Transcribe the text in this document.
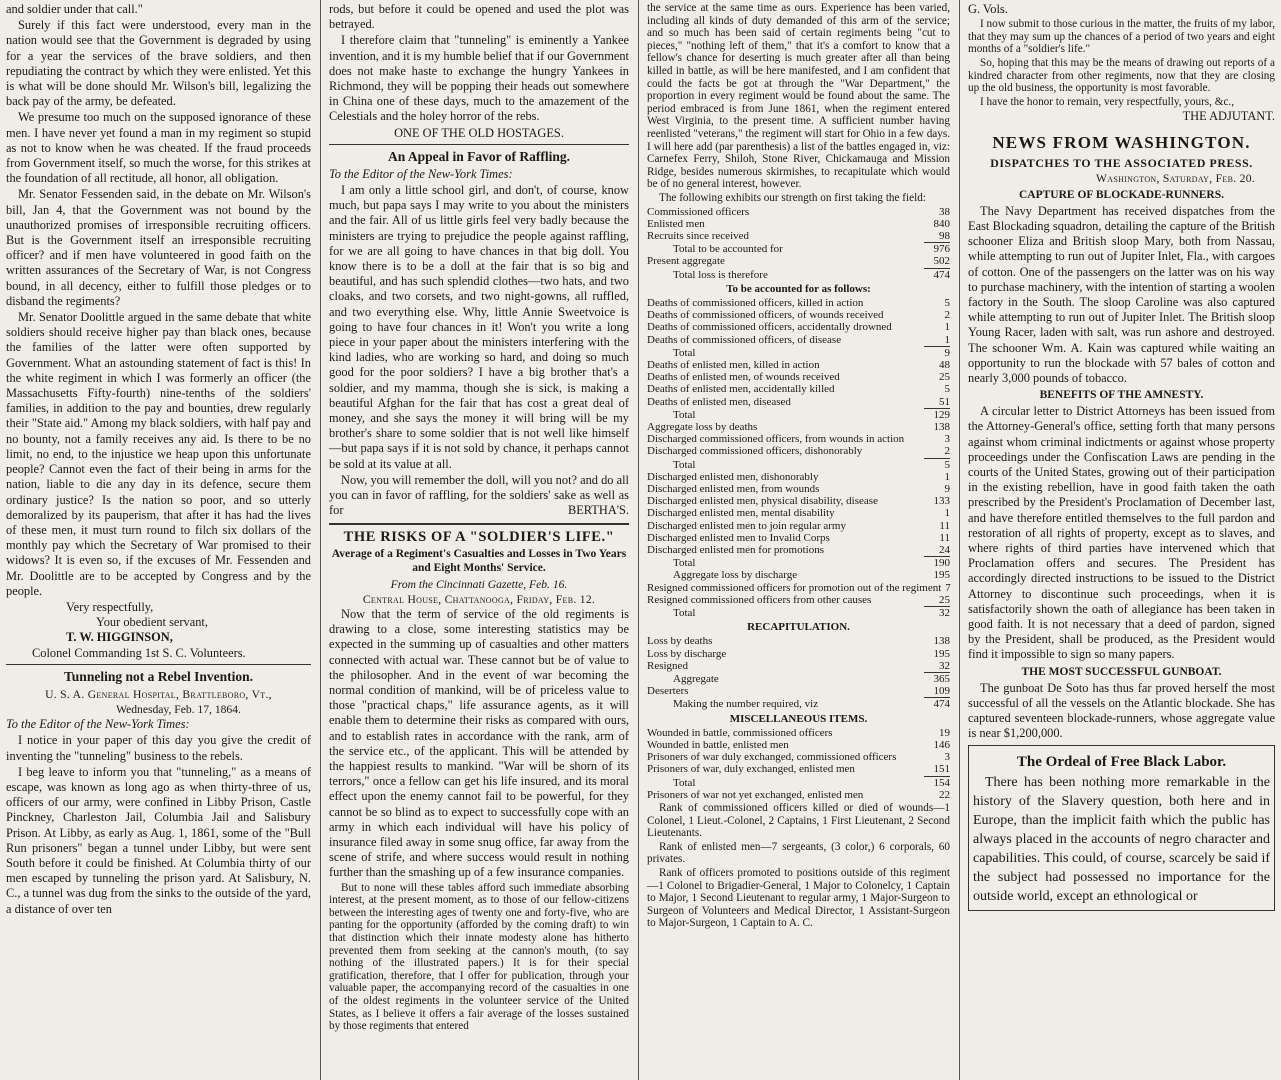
and soldier under that call."

Surely if this fact were understood, every man in the nation would see that the Government is degraded by using for a year the services of the brave soldiers, and then repudiating the contract by which they were enlisted. Yet this is what will be done should Mr. Wilson's bill, legalizing the back pay of the army, be defeated.

We presume too much on the supposed ignorance of these men. I have never yet found a man in my regiment so stupid as not to know when he was cheated. If the fraud proceeds from Government itself, so much the worse, for this strikes at the foundation of all rectitude, all honor, all obligation.

Mr. Senator Fessenden said, in the debate on Mr. Wilson's bill, Jan 4, that the Government was not bound by the unauthorized promises of irresponsible recruiting officers. But is the Government itself an irresponsible recruiting officer? and if men have volunteered in good faith on the written assurances of the Secretary of War, is not Congress bound, in all decency, either to fulfill those pledges or to disband the regiments?

Mr. Senator Doolittle argued in the same debate that white soldiers should receive higher pay than black ones, because the families of the latter were often supported by Government. What an astounding statement of fact is this! In the white regiment in which I was formerly an officer (the Massachusetts Fifty-fourth) nine-tenths of the soldiers' families, in addition to the pay and bounties, drew regularly their "State aid." Among my black soldiers, with half pay and no bounty, not a family receives any aid. Is there to be no limit, no end, to the injustice we heap upon this unfortunate people? Cannot even the fact of their being in arms for the nation, liable to die any day in its defence, secure them ordinary justice? Is the nation so poor, and so utterly demoralized by its pauperism, that after it has had the lives of these men, it must turn round to filch six dollars of the monthly pay which the Secretary of War promised to their widows? It is even so, if the excuses of Mr. Fessenden and Mr. Doolittle are to be accepted by Congress and by the people.

Very respectfully,

Your obedient servant,

T. W. HIGGINSON,

Colonel Commanding 1st S. C. Volunteers.

Tunneling not a Rebel Invention.

U. S. A. General Hospital, Brattleboro, Vt.,

Wednesday, Feb. 17, 1864.

To the Editor of the New-York Times:

I notice in your paper of this day you give the credit of inventing the "tunneling" business to the rebels.

I beg leave to inform you that "tunneling," as a means of escape, was known as long ago as when thirty-three of us, officers of our army, were confined in Libby Prison, Castle Pinckney, Charleston Jail, Columbia Jail and Salisbury Prison. At Libby, as early as Aug. 1, 1861, some of the "Bull Run prisoners" began a tunnel under Libby, but were sent South before it could be finished. At Columbia thirty of our men escaped by tunneling the prison yard. At Salisbury, N. C., a tunnel was dug from the sinks to the outside of the yard, a distance of over ten

rods, but before it could be opened and used the plot was betrayed.

I therefore claim that "tunneling" is eminently a Yankee invention, and it is my humble belief that if our Government does not make haste to exchange the hungry Yankees in Richmond, they will be popping their heads out somewhere in China one of these days, much to the amazement of the Celestials and the holey horror of the rebs.

ONE OF THE OLD HOSTAGES.

An Appeal in Favor of Raffling.

To the Editor of the New-York Times:

I am only a little school girl, and don't, of course, know much, but papa says I may write to you about the ministers and the fair. All of us little girls feel very badly because the ministers are trying to prejudice the people against raffling, for we are all going to have chances in that big doll. You know there is to be a doll at the fair that is so big and beautiful, and has such splendid clothes—two hats, and two cloaks, and two corsets, and two night-gowns, all ruffled, and two everything else. Why, little Annie Sweetvoice is going to have four chances in it! Won't you write a long piece in your paper about the ministers interfering with the kind ladies, who are working so hard, and doing so much good for the poor soldiers? I have a big brother that's a soldier, and my mamma, though she is sick, is making a beautiful Afghan for the fair that has cost a great deal of money, and she says the money it will bring will be my brother's share to some soldier that is not well like himself—but papa says if it is not sold by chance, it perhaps cannot be sold at its value at all.

Now, you will remember the doll, will you not? and do all you can in favor of raffling, for the soldiers' sake as well as for	BERTHA'S.

THE RISKS OF A "SOLDIER'S LIFE."
Average of a Regiment's Casualties and Losses in Two Years and Eight Months' Service.

From the Cincinnati Gazette, Feb. 16.

Central House, Chattanooga, Friday, Feb. 12.

Now that the term of service of the old regiments is drawing to a close, some interesting statistics may be expected in the summing up of casualties and other matters connected with actual war. These cannot but be of value to the philosopher. And in the event of war becoming the normal condition of mankind, will be of priceless value to those "practical chaps," life assurance agents, as it will enable them to determine their risks as compared with ours, and to establish rates in accordance with the rank, arm of the service etc., of the applicant. This will be attended by the happiest results to mankind. "War will be shorn of its terrors," once a fellow can get his life insured, and its moral effect upon the enemy cannot fail to be powerful, for they cannot be so blind as to expect to successfully cope with an army in which each individual will have his policy of insurance filed away in some snug office, far away from the scene of strife, and where success would result in nothing further than the smashing up of a few insurance companies.

But to none will these tables afford such immediate absorbing interest, at the present moment, as to those of our fellow-citizens between the interesting ages of twenty one and forty-five, who are panting for the opportunity (afforded by the coming draft) to win that distinction which their innate modesty alone has hitherto prevented them from seeking at the cannon's mouth, (to say nothing of the illustrated papers.) It is for their special gratification, therefore, that I offer for publication, through your valuable paper, the accompanying record of the casualties in one of the oldest regiments in the volunteer service of the United States, as I believe it offers a fair average of the losses sustained by those regiments that entered

the service at the same time as ours. Experience has been varied, including all kinds of duty demanded of this arm of the service; and so much has been said of certain regiments being "cut to pieces," "nothing left of them," that it's a comfort to know that a fellow's chance for deserting is much greater after all than being killed in battle, as will be here manifested, and I am confident that could the facts be got at through the "War Department," the proportion in every regiment would be found about the same. The period embraced is from June 1861, when the regiment entered West Virginia, to the present time. A sufficient number having reenlisted "veterans," the regiment will start for Ohio in a few days. I will here add (par parenthesis) a list of the battles engaged in, viz: Carnefex Ferry, Shiloh, Stone River, Chickamauga and Mission Ridge, besides numerous skirmishes, to recapitulate which would be of no general interest, however.

The following exhibits our strength on first taking the field:

Commissioned officers	38
Enlisted men	840
Recruits since received	98
Total to be accounted for	976
Present aggregate	502
Total loss is therefore	474
To be accounted for as follows:
Deaths of commissioned officers, killed in action	5
Deaths of commissioned officers, of wounds received	2
Deaths of commissioned officers, accidentally drowned	1
Deaths of commissioned officers, of disease	1
Total	9
Deaths of enlisted men, killed in action	48
Deaths of enlisted men, of wounds received	25
Deaths of enlisted men, accidentally killed	5
Deaths of enlisted men, diseased	51
Total	129
Aggregate loss by deaths	138
Discharged commissioned officers, from wounds in action	3
Discharged commissioned officers, dishonorably	2
Total	5
Discharged enlisted men, dishonorably	1
Discharged enlisted men, from wounds	9
Discharged enlisted men, physical disability, disease	133
Discharged enlisted men, mental disability	1
Discharged enlisted men to join regular army	11
Discharged enlisted men to Invalid Corps	11
Discharged enlisted men for promotions	24
Total	190
Aggregate loss by discharge	195
Resigned commissioned officers for promotion out of the regiment 7
Resigned commissioned officers from other causes	25
Total	32
RECAPITULATION.
Loss by deaths	138
Loss by discharge	195
Resigned	32
Aggregate	365
Deserters	109
Making the number required, viz	474
MISCELLANEOUS ITEMS.
Wounded in battle, commissioned officers	19
Wounded in battle, enlisted men	146
Prisoners of war duly exchanged, commissioned officers	3
Prisoners of war, duly exchanged, enlisted men	151
Total	154
Prisoners of war not yet exchanged, enlisted men	22

Rank of commissioned officers killed or died of wounds—1 Colonel, 1 Lieut.-Colonel, 2 Captains, 1 First Lieutenant, 2 Second Lieutenants.

Rank of enlisted men—7 sergeants, (3 color,) 6 corporals, 60 privates.

Rank of officers promoted to positions outside of this regiment—1 Colonel to Brigadier-General, 1 Major to Colonelcy, 1 Captain to Major, 1 Second Lieutenant to regular army, 1 Major-Surgeon to Surgeon of Volunteers and Medical Director, 1 Assistant-Surgeon to Major-Surgeon, 1 Captain to A. C.

G. Vols.

I now submit to those curious in the matter, the fruits of my labor, that they may sum up the chances of a period of two years and eight months of a "soldier's life."

So, hoping that this may be the means of drawing out reports of a kindred character from other regiments, now that they are closing up the old business, the opportunity is most favorable.

I have the honor to remain, very respectfully, yours, &c.,

THE ADJUTANT.

NEWS FROM WASHINGTON.
DISPATCHES TO THE ASSOCIATED PRESS.

Washington, Saturday, Feb. 20.

CAPTURE OF BLOCKADE-RUNNERS.

The Navy Department has received dispatches from the East Blockading squadron, detailing the capture of the British schooner Eliza and British sloop Mary, both from Nassau, while attempting to run out of Jupiter Inlet, Fla., with cargoes of cotton. One of the passengers on the latter was on his way to purchase machinery, with the intention of starting a woolen factory in the South. The sloop Caroline was also captured while attempting to run out of Jupiter Inlet. The British sloop Young Racer, laden with salt, was run ashore and destroyed. The schooner Wm. A. Kain was captured while waiting an opportunity to run the blockade with 57 bales of cotton and nearly 3,000 pounds of tobacco.

BENEFITS OF THE AMNESTY.

A circular letter to District Attorneys has been issued from the Attorney-General's office, setting forth that many persons against whom criminal indictments or against whose property proceedings under the Confiscation Laws are pending in the courts of the United States, growing out of their participation in the existing rebellion, have in good faith taken the oath prescribed by the President's Proclamation of December last, and have therefore entitled themselves to the full pardon and restoration of all rights of property, except as to slaves, and where rights of third parties have intervened which that Proclamation offers and secures. The President has accordingly directed instructions to be issued to the District Attorney to discontinue such proceedings, when it is satisfactorily shown the oath of allegiance has been taken in good faith. It is not necessary that a deed of pardon, signed by the President, shall be produced, as the President would find it impossible to sign so many papers.

THE MOST SUCCESSFUL GUNBOAT.

The gunboat De Soto has thus far proved herself the most successful of all the vessels on the Atlantic blockade. She has captured seventeen blockade-runners, whose aggregate value is near $1,200,000.

The Ordeal of Free Black Labor.

There has been nothing more remarkable in the history of the Slavery question, both here and in Europe, than the implicit faith which the public has always placed in the accounts of negro character and capabilities. This could, of course, scarcely be said if the subject had possessed no importance for the outside world, except an ethnological or
